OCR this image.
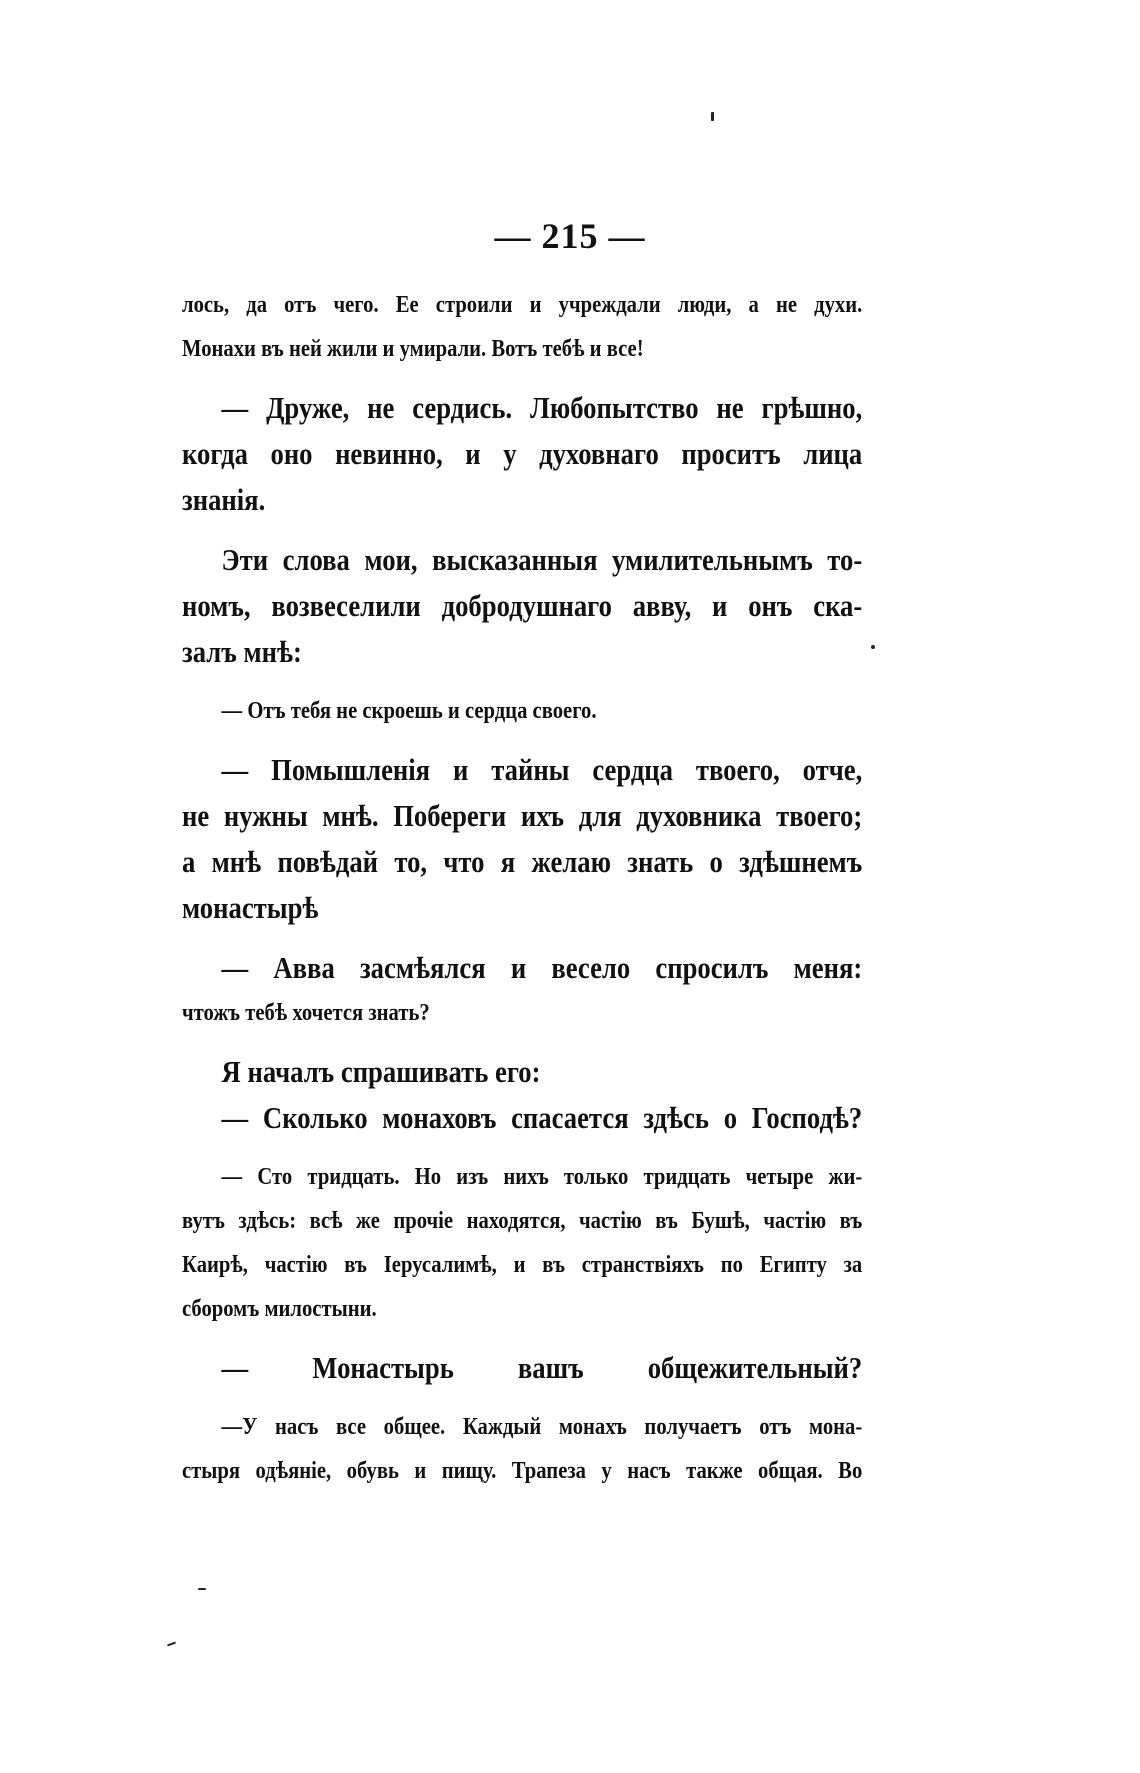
— 215 —
лось, да отъ чего. Ее строили и учреждали люди, а не духи.
Монахи въ ней жили и умирали. Вотъ тебѣ и все!
— Друже, не сердись. Любопытство не грѣшно,
когда оно невинно, и у духовнаго проситъ лица
знанія.
Эти слова мои, высказанныя умилительнымъ то-
номъ, возвеселили добродушнаго авву, и онъ ска-
залъ мнѣ:
— Отъ тебя не скроешь и сердца своего.
— Помышленія и тайны сердца твоего, отче,
не нужны мнѣ. Побереги ихъ для духовника твоего;
а мнѣ повѣдай то, что я желаю знать о здѣшнемъ
монастырѣ
— Авва засмѣялся и весело спросилъ меня:
чтожъ тебѣ хочется знать?
Я началъ спрашивать его:
— Сколько монаховъ спасается здѣсь о Господѣ?
— Сто тридцать. Но изъ нихъ только тридцать четыре жи-
вутъ здѣсь: всѣ же прочіе находятся, частію въ Бушѣ, частію въ
Каирѣ, частію въ Іерусалимѣ, и въ странствіяхъ по Египту за
сборомъ милостыни.
— Монастырь вашъ общежительный?
—У насъ все общее. Каждый монахъ получаетъ отъ мона-
стыря одѣяніе, обувь и пищу. Трапеза у насъ также общая. Во
